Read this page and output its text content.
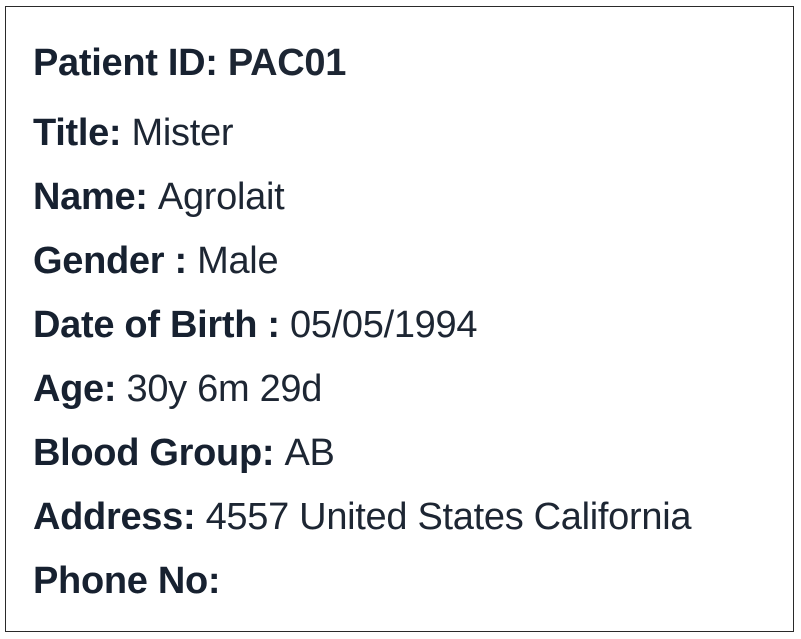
Patient ID: PAC01
Title: Mister
Name: Agrolait
Gender : Male
Date of Birth : 05/05/1994
Age: 30y 6m 29d
Blood Group: AB
Address: 4557 United States California
Phone No:
